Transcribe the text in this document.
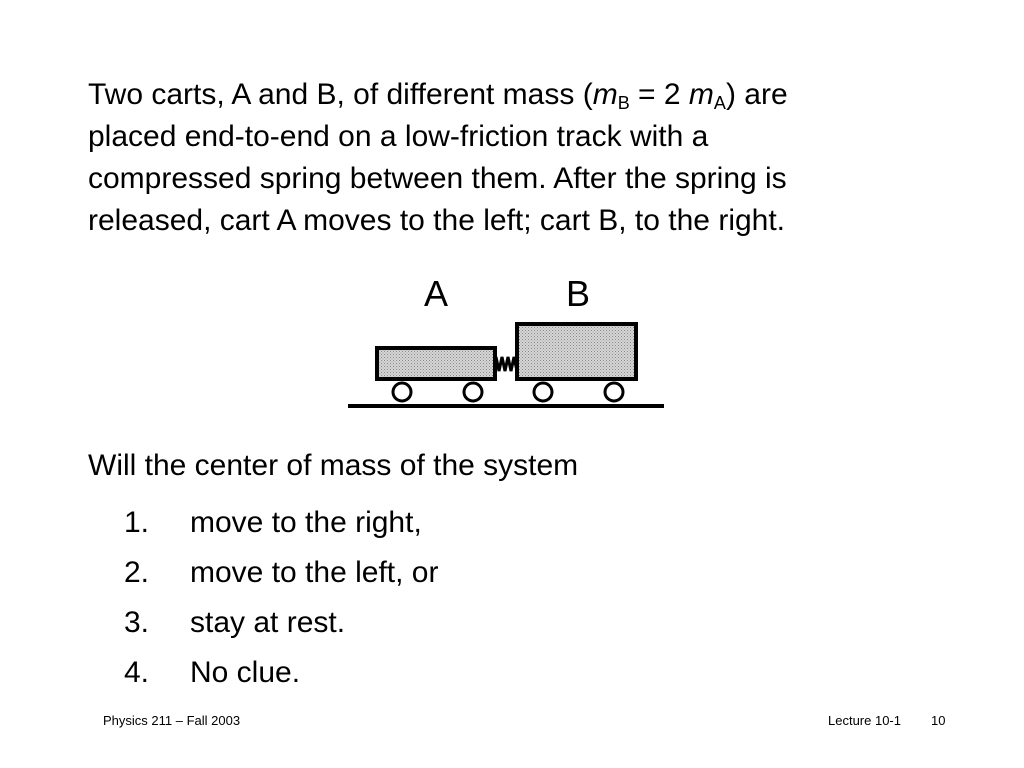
Two carts, A and B, of different mass ($m_B = 2$ $m_A$) are
placed end-to-end on a low-friction track with a
compressed spring between them. After the spring is
released, cart A moves to the left; cart B, to the right.
A	B
Will the center of mass of the system
1. move to the right,
2. move to the left, or
3. stay at rest.
4. No clue.
Physics 211 – Fall 2003	Lecture 10-1 10
